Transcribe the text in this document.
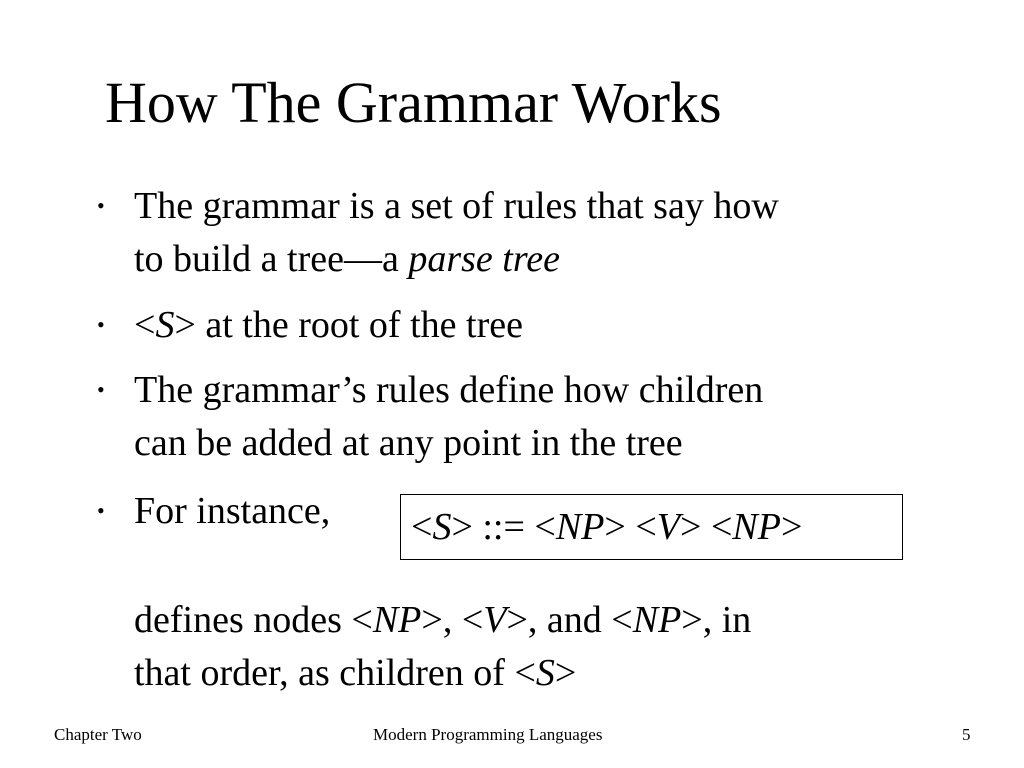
How The Grammar Works
• The grammar is a set of rules that say how
to build a tree—a parse tree
• <S> at the root of the tree
• The grammar’s rules define how children
can be added at any point in the tree
• For instance,	<S> ::= <NP> <V> <NP>
defines nodes <NP>, <V>, and <NP>, in
that order, as children of <S>
Chapter Two	Modern Programming Languages	5
